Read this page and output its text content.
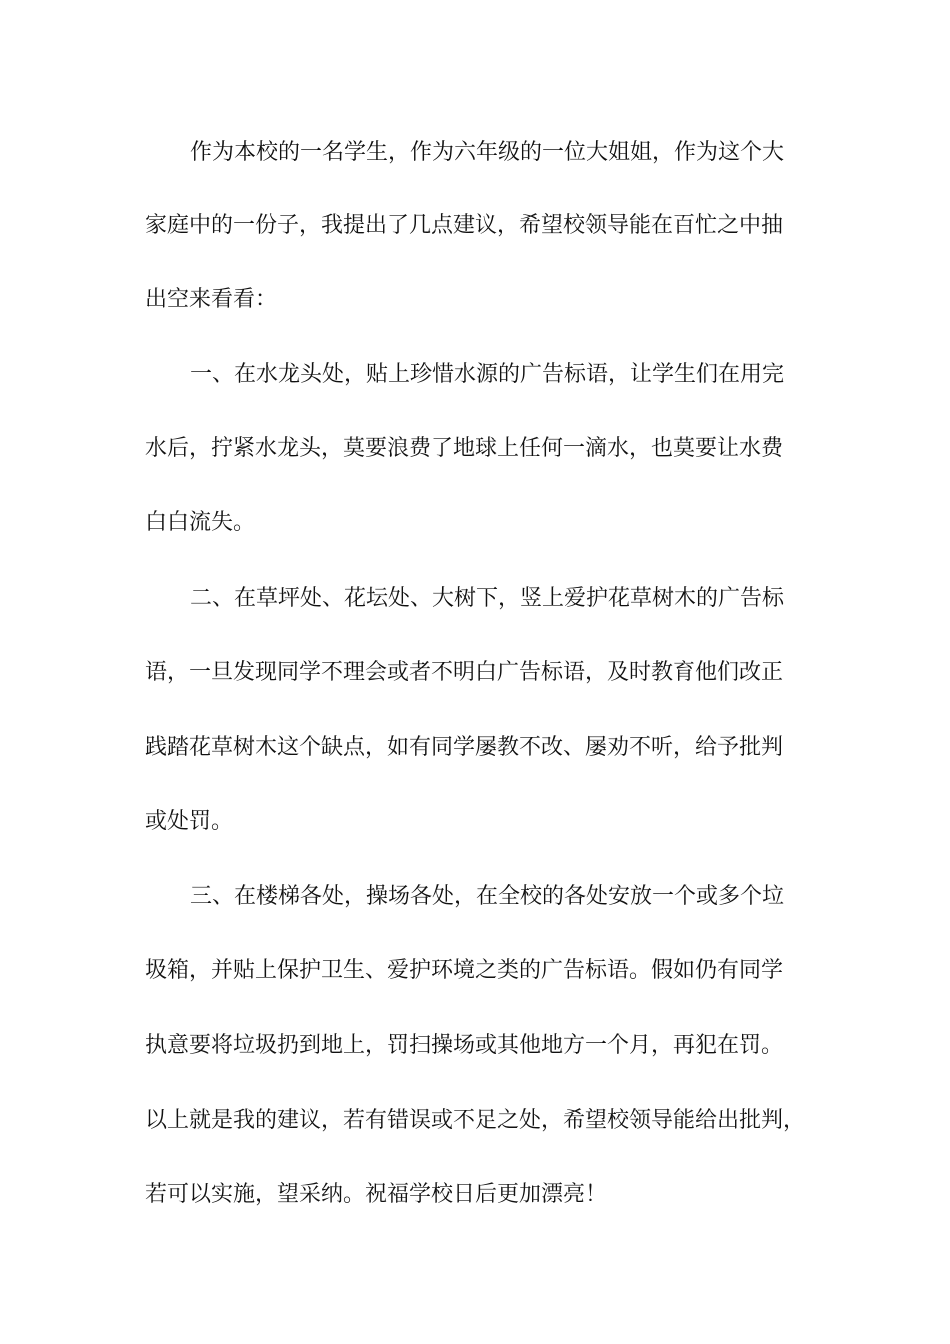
作为本校的一名学生，作为六年级的一位大姐姐，作为这个大
家庭中的一份子，我提出了几点建议，希望校领导能在百忙之中抽
出空来看看：
一、在水龙头处，贴上珍惜水源的广告标语，让学生们在用完
水后，拧紧水龙头，莫要浪费了地球上任何一滴水，也莫要让水费
白白流失。
二、在草坪处、花坛处、大树下，竖上爱护花草树木的广告标
语，一旦发现同学不理会或者不明白广告标语，及时教育他们改正
践踏花草树木这个缺点，如有同学屡教不改、屡劝不听，给予批判
或处罚。
三、在楼梯各处，操场各处，在全校的各处安放一个或多个垃
圾箱，并贴上保护卫生、爱护环境之类的广告标语。假如仍有同学
执意要将垃圾扔到地上，罚扫操场或其他地方一个月，再犯在罚。
以上就是我的建议，若有错误或不足之处，希望校领导能给出批判，
若可以实施，望采纳。祝福学校日后更加漂亮！
